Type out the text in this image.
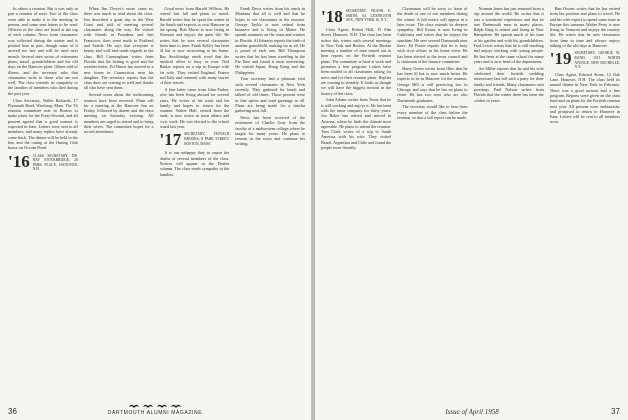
In others a reunion. But it was only in part a reunion of sorts. Two of the class were able to make it to the meeting in person, and some sent letters to be read. Officers of the class are listed at the top of each column. News from classmates was collected during the winter and is printed here in part, though some of it arrived too late and will be used next month. Several men wrote of retirement plans, travel, grandchildren and the old days on the Hanover plain. Others told of illness, and the secretary asks that classmates write to those who are not well. The class extends its sympathy to the families of members who died during the past year.

Class Secretary, Waldo Richards, 17 Plymouth Road, Winthrop, Mass. The '16 reunion committee met in Boston to make plans for the Forty-Second, and all present agreed that a good turnout is expected in June. Letters were sent to all members, and many replies have already come back. The dinner will be held in the Inn, and the outing at the Outing Club house on Occom Pond.

'16 CLASS SECRETARY, DR. RAY STOCKBRIDGE, 20 PARK PLACE, HANOVER, N.H.

When Jim Dwyer's notes came in, there was much to read about the class. Jim described a great trip to the West Coast and told of meeting several classmates along the way. He visited with friends in Pasadena and San Francisco, then went north to Portland and Seattle. He says that everyone is hearty and well and sends regards to the class. Bill Cunningham writes from Florida that the fishing is good and the weather better. Ed Harris has moved to a new home in Connecticut near his daughter. The secretary reports that the class dues are coming in well and thanks all who have sent them.

Several notes about the forthcoming reunion have been received. Plans call for a meeting at the Hanover Inn on Friday, followed by dinner and the class meeting on Saturday evening. All members are urged to attend and to bring their wives. The committee hopes for a record attendance.

Good news from Harold Willson. He retired last fall and plans to travel. Harold writes that he spent the winter in the South and expects to visit Hanover in the spring. Bob Morse is now living in Vermont and enjoys the quiet life. He writes that he sees several classmates from time to time. Frank Kelley has been ill but is now recovering at his home. Ray Stockbridge sends word that the medical office is busy as ever. Ned Barker reports on a trip to Europe with his wife. They visited England, France and Italy and returned with many stories of their travels.

A fine letter came from John Parker, who has been living abroad for several years. He writes of his work and his family and hopes to return for the reunion. Walter Hall, retired from the bank, is now active in town affairs and civic work. He was elected to the school board last year.

'17 SECRETARY, DONALD BROOKS, 8 PARK STREET, BOSTON, MASS.

It is our unhappy duty to report the deaths of several members of the class. Notices will appear in the Deaths column. The class sends sympathy to the families.

Frank Davis writes from his ranch in Montana that all is well and that he hopes to see classmates at the reunion. George Taylor is now retired from business and is living in Maine. He spends summers on the coast and winters in Florida. Al Johnson reports the birth of another grandchild, making six in all. He is proud of each one. Bill Thompson writes that he has been traveling in the Far East and found it most interesting. He visited Japan, Hong Kong and the Philippines.

Your secretary had a pleasant visit with several classmates in New York recently. They gathered for lunch and talked of old times. Those present were in fine spirits and send greetings to all. Plans are being made for a similar gathering next fall.

News has been received of the retirement of Charles Gray from the faculty of a midwestern college where he taught for many years. He plans to remain in the town and continue his writing.

36	DARTMOUTH ALUMNI MAGAZINE
'18 SECRETARY, FRANK E. SMITH, 64 LEXINGTON AVE., NEW YORK 16, N.Y.

Class Agent, Robert Hall, 15 Elm Street, Hanover, N.H. The class has been active this winter with several meetings in New York and Boston. At the Boston meeting a number of men turned out to hear reports on the Fortieth reunion plans. The committee is hard at work and promises a fine program. Letters have been mailed to all classmates asking for news and for their reunion plans. Replies are coming in steadily. It looks as though we will have the biggest turnout in the history of the class.

John Adams writes from Texas that he is still working and enjoys it. He has been with the same company for thirty years. Joe Baker has retired and moved to Arizona, where he finds the climate most agreeable. He plans to attend the reunion. Tom Clark writes of a trip to South America with his wife. They visited Brazil, Argentina and Chile and found the people most friendly.

Classmates will be sorry to learn of the death of one of our members during the winter. A full notice will appear in a later issue. The class extends its deepest sympathy. Bill Evans is now living in California and writes that he enjoys the sunshine. He sees several Dartmouth men there. Ed Foster reports that he is busy with civic affairs in his home town. He has been elected to the town council and is chairman of the finance committee.

Harry Green writes from Ohio that he has been ill but is now much better. He expects to be in Hanover for the reunion. George Hill is still practicing law in Chicago and says that he has no plans to retire. He has two sons who are also Dartmouth graduates.

The secretary would like to hear from every member of the class before the reunion, so that a full report can be made.

Norman Jones has just returned from a trip around the world. He writes that it was a wonderful experience and that he met Dartmouth men in many places. Ralph King is retired and living in New Hampshire. He spends much of his time in his garden and with his grandchildren. Fred Lewis writes that he is still teaching and enjoys working with young people. He has been at the same school for many years and is now head of the department.

Art Miller reports that he and his wife celebrated their fortieth wedding anniversary last fall with a party for their family and friends. Many classmates sent greetings. Paul Nelson writes from Florida that the winter there has been the coldest in years.

Ben Owens writes that he has retired from his position and plans to travel. He and his wife expect to spend some time in Europe this summer. Walter Perry is now living in Vermont and enjoys the country life. He writes that he sees classmates from time to time and always enjoys talking of the old days at Hanover.

'19 SECRETARY, GEORGE W. RAND, 1513 NORTH AVENUE, NEW ROCHELLE, N.Y.

Class Agent, Edward Stone, 12 Oak Lane, Hanover, N.H. The class held its annual dinner in New York in February. There was a good turnout and a fine program. Reports were given on the class fund and on plans for the Fortieth reunion next year. All present were enthusiastic and promised to return to Hanover in June. Letters will be sent to all members soon.

Issue of April 1958	37
